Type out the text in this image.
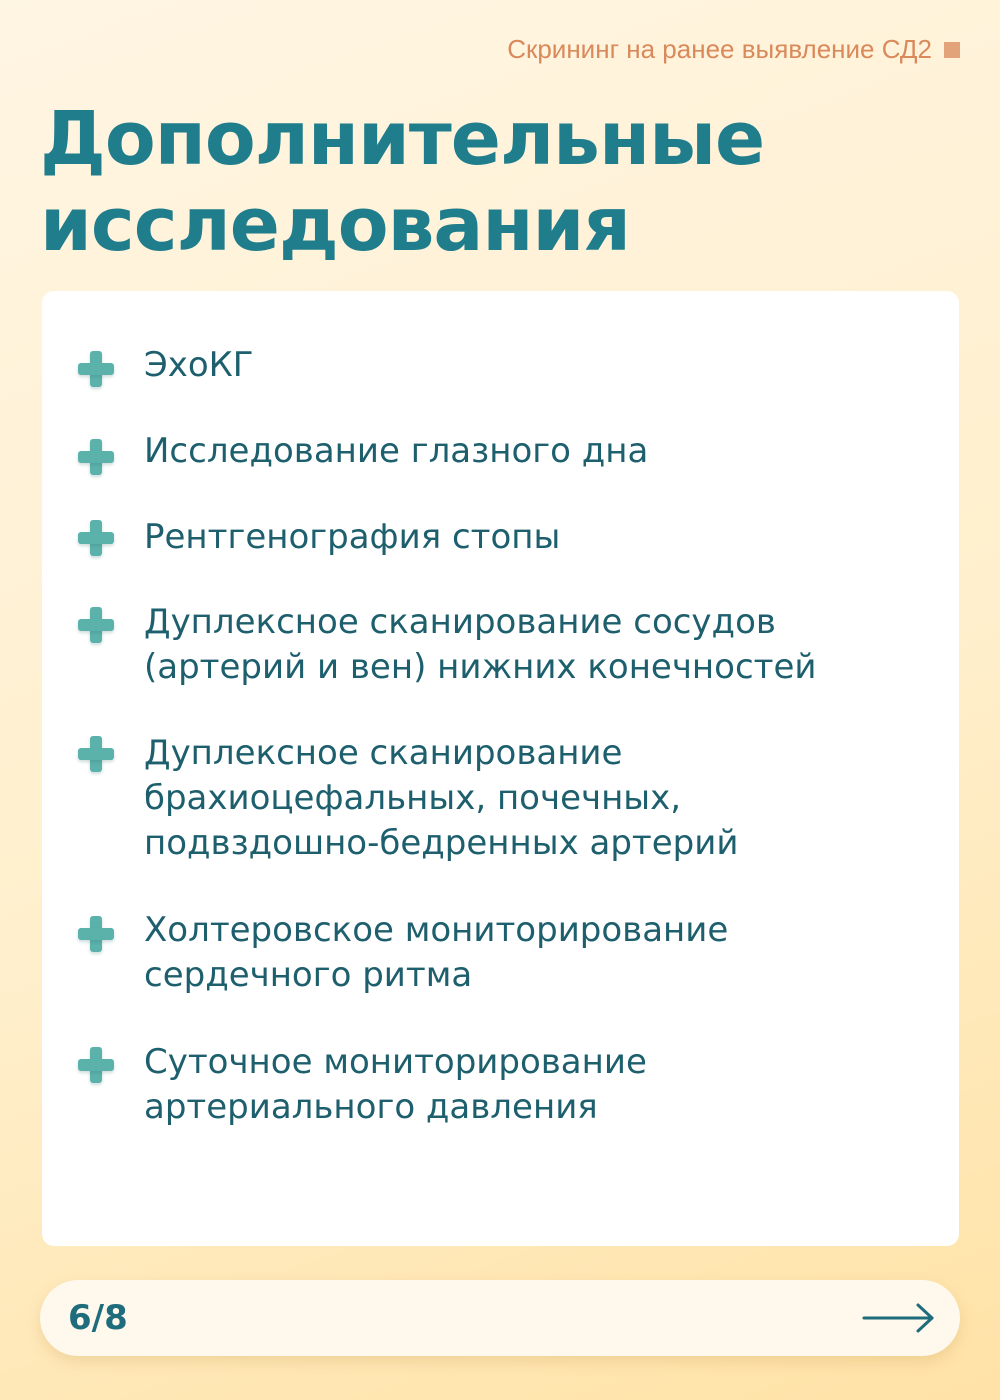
Скрининг на ранее выявление СД2
Дополнительные
исследования
ЭхоКГ
Исследование глазного дна
Рентгенография стопы
Дуплексное сканирование сосудов
(артерий и вен) нижних конечностей
Дуплексное сканирование
брахиоцефальных, почечных,
подвздошно-бедренных артерий
Холтеровское мониторирование
сердечного ритма
Суточное мониторирование
артериального давления
6/8
